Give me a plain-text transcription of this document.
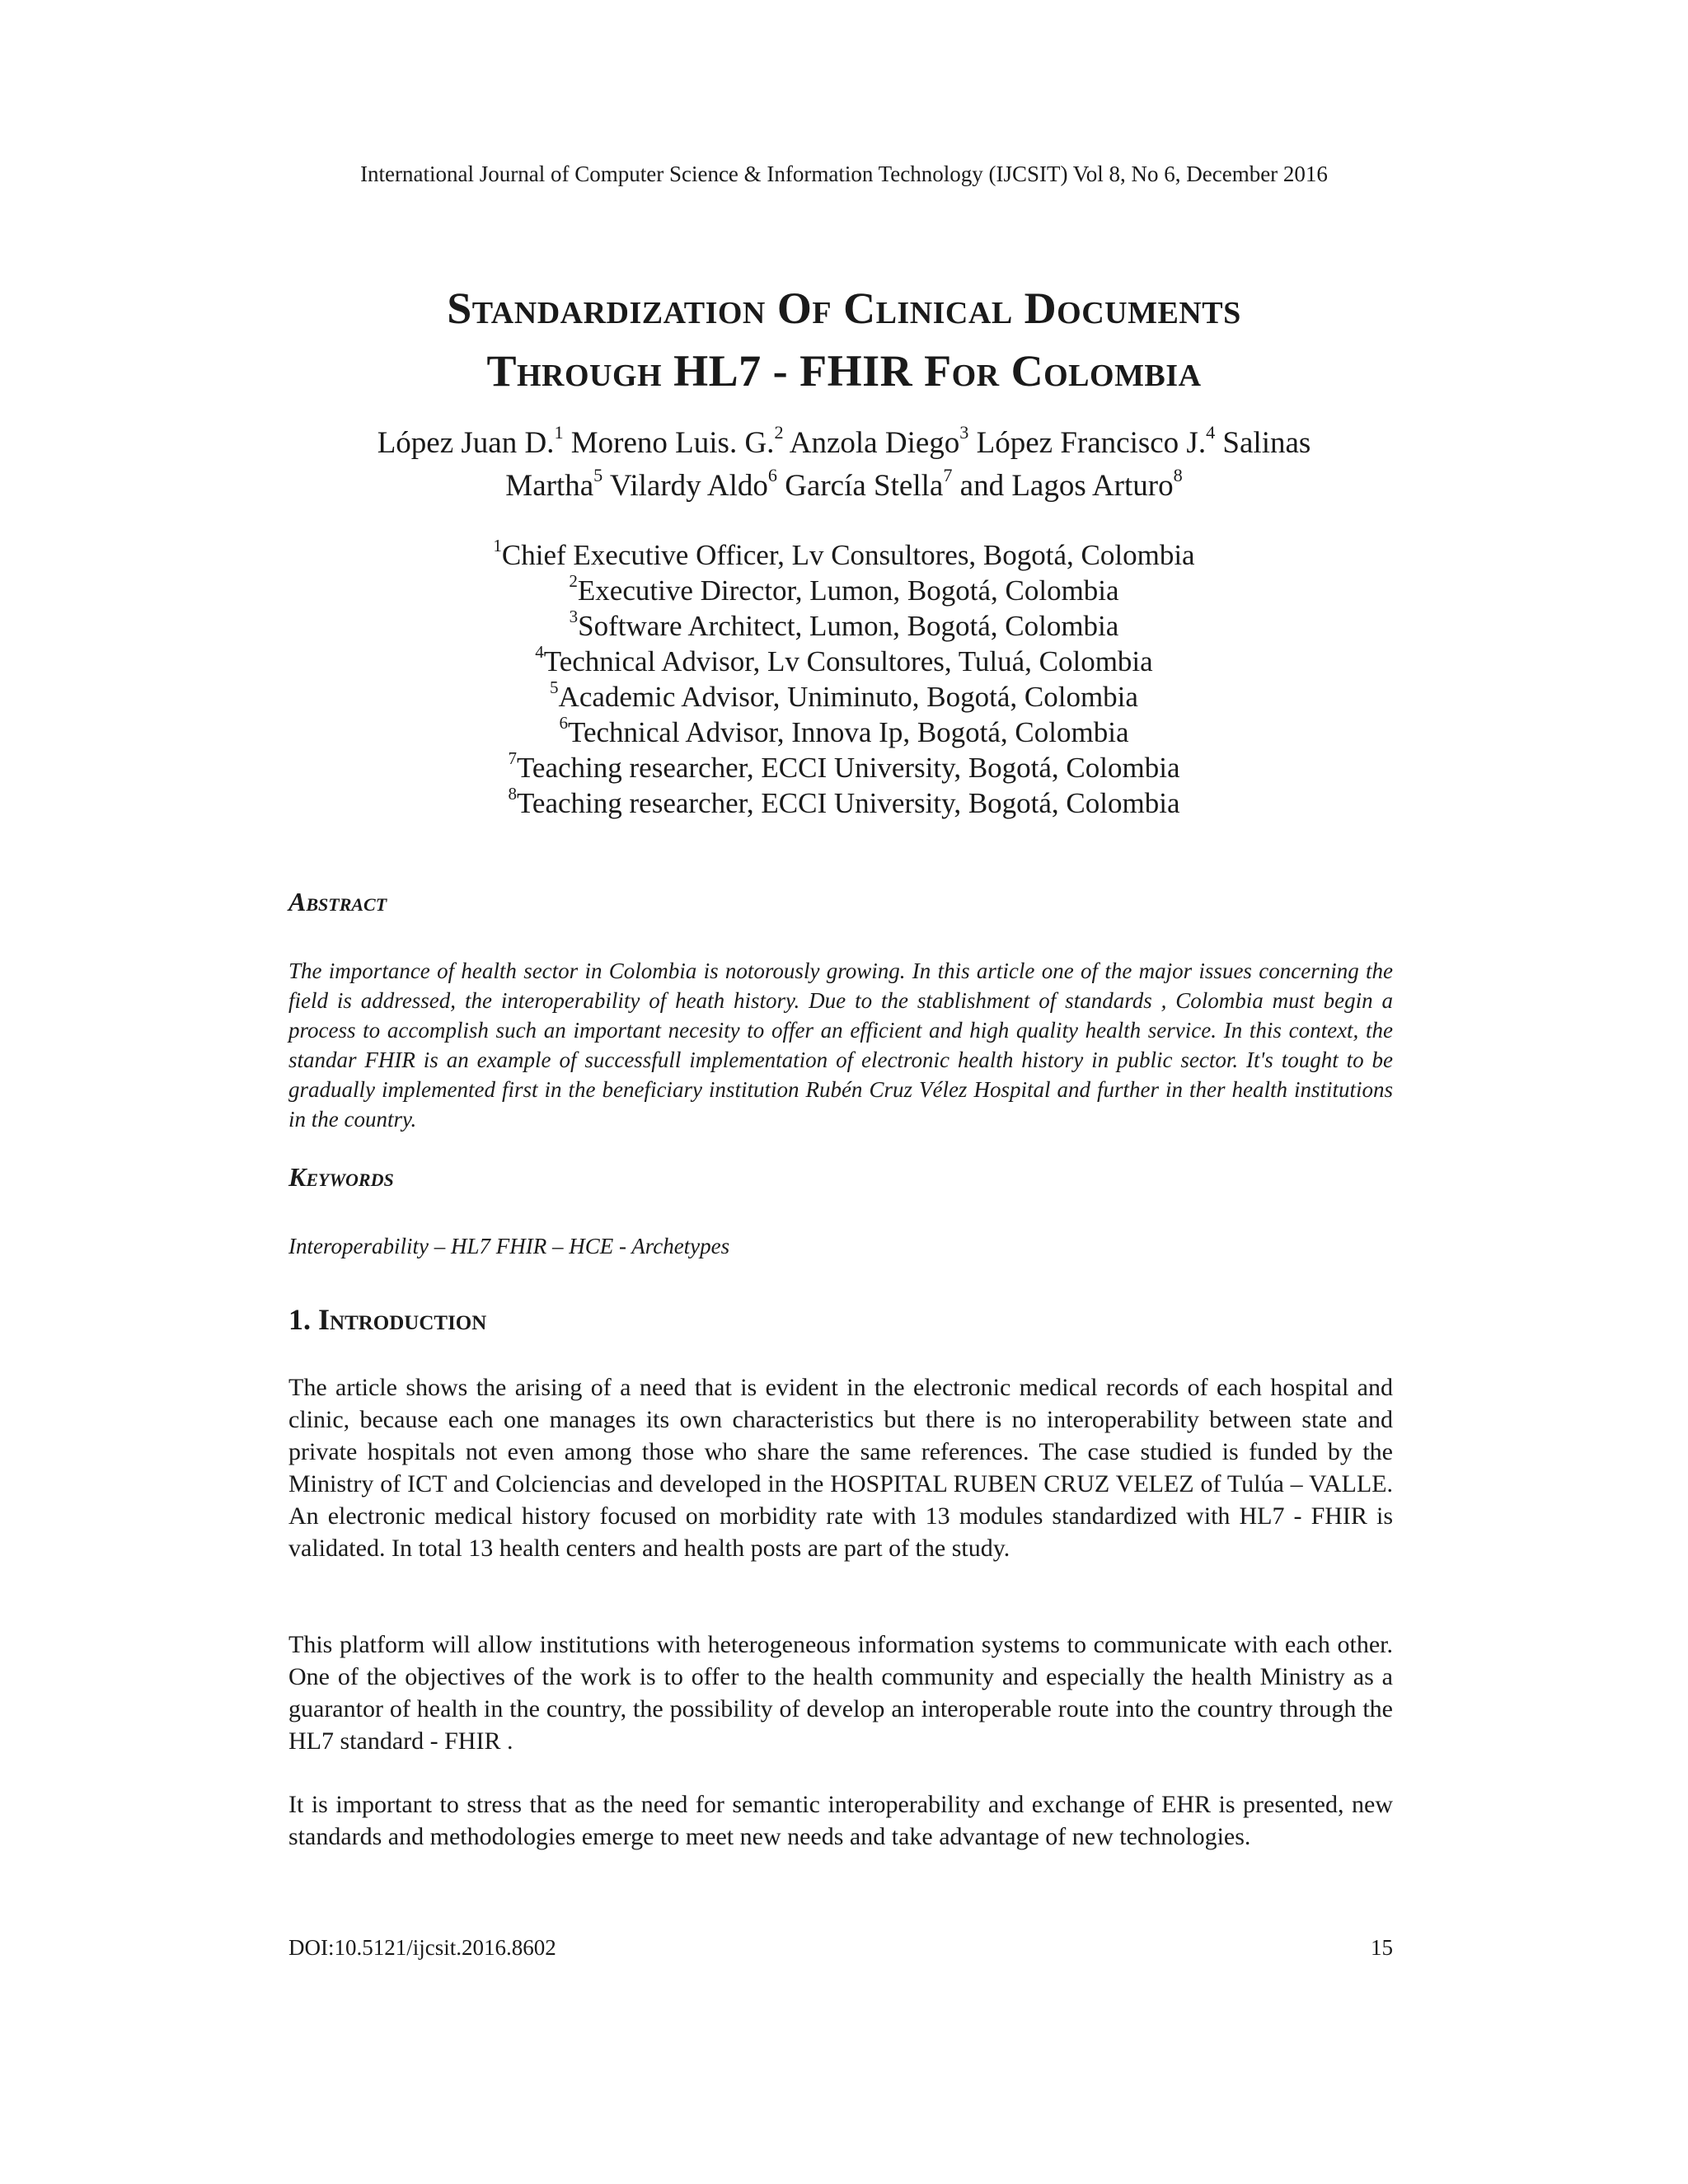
International Journal of Computer Science & Information Technology (IJCSIT) Vol 8, No 6, December 2016
Standardization Of Clinical Documents
Through HL7 - FHIR For Colombia
López Juan D.$^1$ Moreno Luis. G.$^2$ Anzola Diego$^3$ López Francisco J.$^4$ Salinas
Martha$^5$ Vilardy Aldo$^6$ García Stella$^7$ and Lagos Arturo$^8$
$^1$Chief Executive Officer, Lv Consultores, Bogotá, Colombia
$^2$Executive Director, Lumon, Bogotá, Colombia
$^3$Software Architect, Lumon, Bogotá, Colombia
$^4$Technical Advisor, Lv Consultores, Tuluá, Colombia
$^5$Academic Advisor, Uniminuto, Bogotá, Colombia
$^6$Technical Advisor, Innova Ip, Bogotá, Colombia
$^7$Teaching researcher, ECCI University, Bogotá, Colombia
$^8$Teaching researcher, ECCI University, Bogotá, Colombia
Abstract
The importance of health sector in Colombia is notorously growing. In this article one of the major issues concerning the field is addressed, the interoperability of heath history. Due to the stablishment of standards , Colombia must begin a process to accomplish such an important necesity to offer an efficient and high quality health service. In this context, the standar FHIR is an example of successfull implementation of electronic health history in public sector. It's tought to be gradually implemented first in the beneficiary institution Rubén Cruz Vélez Hospital and further in ther health institutions in the country.
Keywords
Interoperability – HL7 FHIR – HCE - Archetypes
1. Introduction
The article shows the arising of a need that is evident in the electronic medical records of each hospital and clinic, because each one manages its own characteristics but there is no interoperability between state and private hospitals not even among those who share the same references. The case studied is funded by the Ministry of ICT and Colciencias and developed in the HOSPITAL RUBEN CRUZ VELEZ of Tulúa – VALLE. An electronic medical history focused on morbidity rate with 13 modules standardized with HL7 - FHIR is validated. In total 13 health centers and health posts are part of the study.
This platform will allow institutions with heterogeneous information systems to communicate with each other. One of the objectives of the work is to offer to the health community and especially the health Ministry as a guarantor of health in the country, the possibility of develop an interoperable route into the country through the HL7 standard - FHIR .
It is important to stress that as the need for semantic interoperability and exchange of EHR is presented, new standards and methodologies emerge to meet new needs and take advantage of new technologies.
DOI:10.5121/ijcsit.2016.8602	15
